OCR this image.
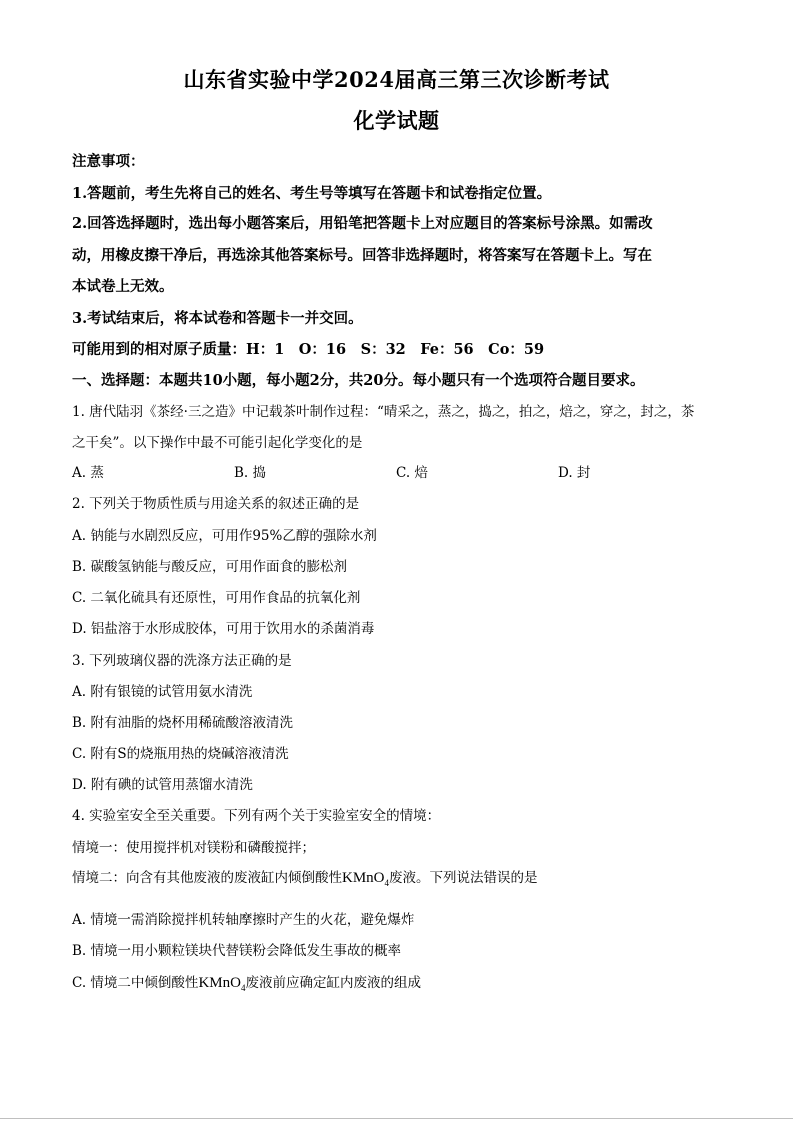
山东省实验中学2024届高三第三次诊断考试
化学试题
注意事项：
1.答题前，考生先将自己的姓名、考生号等填写在答题卡和试卷指定位置。
2.回答选择题时，选出每小题答案后，用铅笔把答题卡上对应题目的答案标号涂黑。如需改
动，用橡皮擦干净后，再选涂其他答案标号。回答非选择题时，将答案写在答题卡上。写在
本试卷上无效。
3.考试结束后，将本试卷和答题卡一并交回。
可能用到的相对原子质量：H：1　O：16　S：32　Fe：56　Co：59
一、选择题：本题共10小题，每小题2分，共20分。每小题只有一个选项符合题目要求。
1. 唐代陆羽《茶经·三之造》中记载茶叶制作过程：“晴采之，蒸之，捣之，拍之，焙之，穿之，封之，茶
之干矣”。以下操作中最不可能引起化学变化的是
A. 蒸	B. 捣	C. 焙	D. 封
2. 下列关于物质性质与用途关系的叙述正确的是
A. 钠能与水剧烈反应，可用作95%乙醇的强除水剂
B. 碳酸氢钠能与酸反应，可用作面食的膨松剂
C. 二氧化硫具有还原性，可用作食品的抗氧化剂
D. 铝盐溶于水形成胶体，可用于饮用水的杀菌消毒
3. 下列玻璃仪器的洗涤方法正确的是
A. 附有银镜的试管用氨水清洗
B. 附有油脂的烧杯用稀硫酸溶液清洗
C. 附有S的烧瓶用热的烧碱溶液清洗
D. 附有碘的试管用蒸馏水清洗
4. 实验室安全至关重要。下列有两个关于实验室安全的情境：
情境一：使用搅拌机对镁粉和磷酸搅拌；
情境二：向含有其他废液的废液缸内倾倒酸性KMnO$_4$废液。下列说法错误的是
A. 情境一需消除搅拌机转轴摩擦时产生的火花，避免爆炸
B. 情境一用小颗粒镁块代替镁粉会降低发生事故的概率
C. 情境二中倾倒酸性KMnO$_4$废液前应确定缸内废液的组成
